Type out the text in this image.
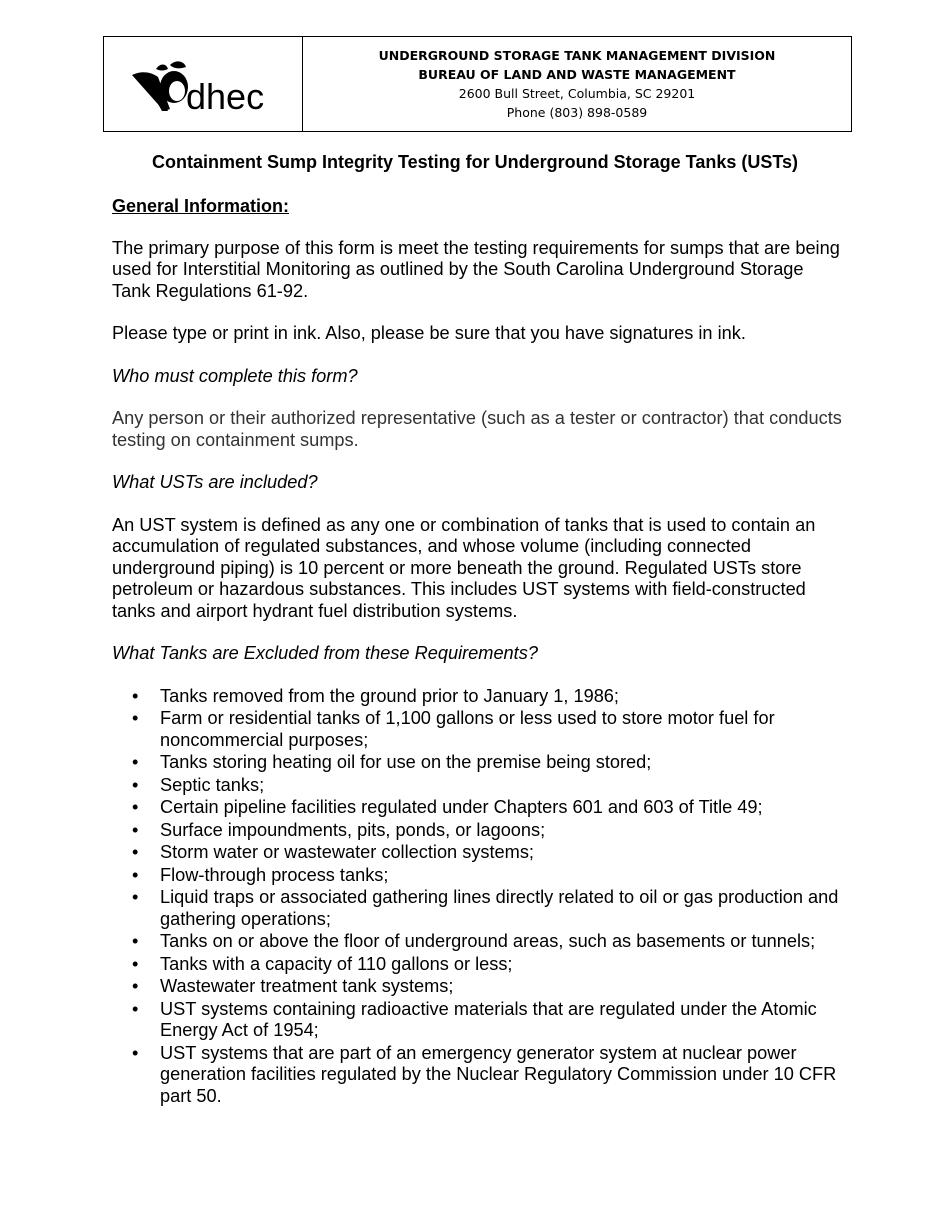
dhec
UNDERGROUND STORAGE TANK MANAGEMENT DIVISION
BUREAU OF LAND AND WASTE MANAGEMENT
2600 Bull Street, Columbia, SC 29201
Phone (803) 898-0589
Containment Sump Integrity Testing for Underground Storage Tanks (USTs)
General Information:

The primary purpose of this form is meet the testing requirements for sumps that are being used for Interstitial Monitoring as outlined by the South Carolina Underground Storage Tank Regulations 61-92.

Please type or print in ink. Also, please be sure that you have signatures in ink.

Who must complete this form?

Any person or their authorized representative (such as a tester or contractor) that conducts testing on containment sumps.

What USTs are included?

An UST system is defined as any one or combination of tanks that is used to contain an accumulation of regulated substances, and whose volume (including connected underground piping) is 10 percent or more beneath the ground. Regulated USTs store petroleum or hazardous substances. This includes UST systems with field-constructed tanks and airport hydrant fuel distribution systems.

What Tanks are Excluded from these Requirements?

• Tanks removed from the ground prior to January 1, 1986;
• Farm or residential tanks of 1,100 gallons or less used to store motor fuel for noncommercial purposes;
• Tanks storing heating oil for use on the premise being stored;
• Septic tanks;
• Certain pipeline facilities regulated under Chapters 601 and 603 of Title 49;
• Surface impoundments, pits, ponds, or lagoons;
• Storm water or wastewater collection systems;
• Flow-through process tanks;
• Liquid traps or associated gathering lines directly related to oil or gas production and gathering operations;
• Tanks on or above the floor of underground areas, such as basements or tunnels;
• Tanks with a capacity of 110 gallons or less;
• Wastewater treatment tank systems;
• UST systems containing radioactive materials that are regulated under the Atomic Energy Act of 1954;
• UST systems that are part of an emergency generator system at nuclear power generation facilities regulated by the Nuclear Regulatory Commission under 10 CFR part 50.
